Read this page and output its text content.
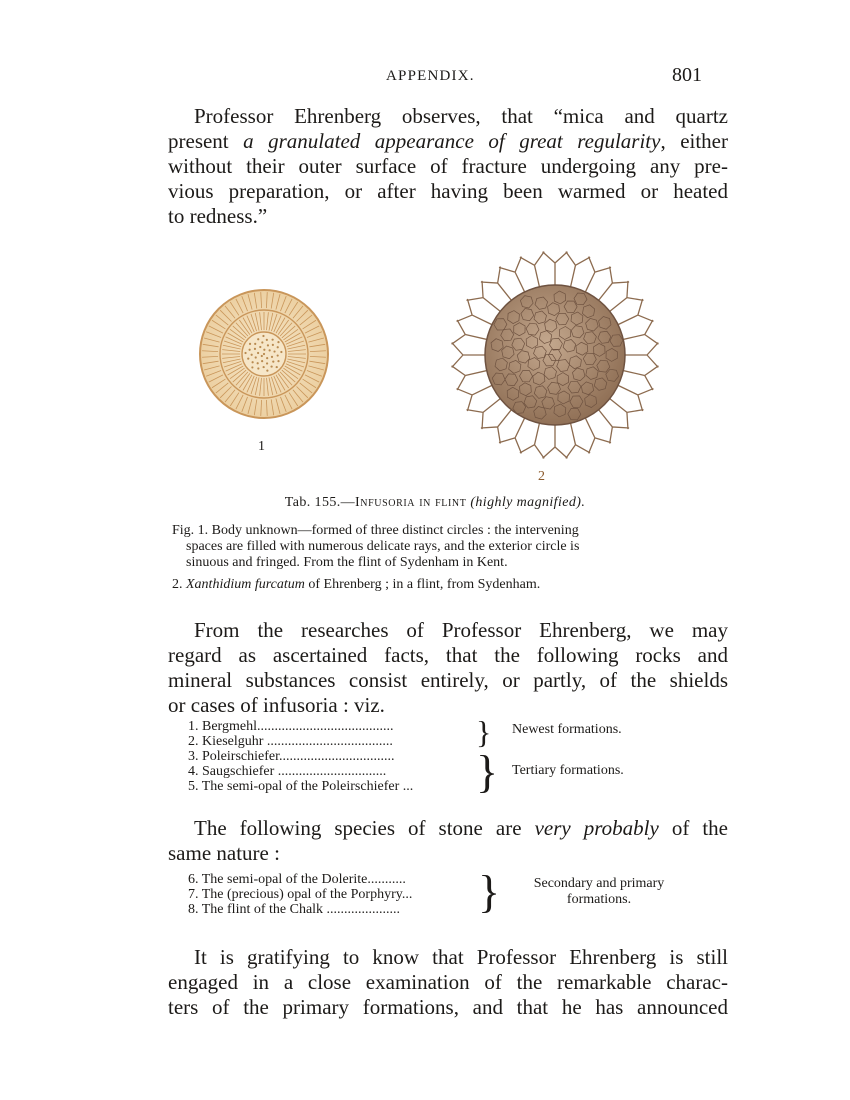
APPENDIX.	801

Professor Ehrenberg observes, that “mica and quartz
present a granulated appearance of great regularity, either
without their outer surface of fracture undergoing any pre-
vious preparation, or after having been warmed or heated
to redness.”

1
2
Tab. 155.—Infusoria in flint (highly magnified).

Fig. 1. Body unknown—formed of three distinct circles : the intervening
spaces are filled with numerous delicate rays, and the exterior circle is
sinuous and fringed. From the flint of Sydenham in Kent.

2. Xanthidium furcatum of Ehrenberg ; in a flint, from Sydenham.

From the researches of Professor Ehrenberg, we may
regard as ascertained facts, that the following rocks and
mineral substances consist entirely, or partly, of the shields
or cases of infusoria : viz.

1. Bergmehl.......................................
2. Kieselguhr ....................................
3. Poleirschiefer.................................
4. Saugschiefer ...............................
5. The semi-opal of the Poleirschiefer ...
}
}
Newest formations.
Tertiary formations.

The following species of stone are very probably of the
same nature :

6. The semi-opal of the Dolerite...........
7. The (precious) opal of the Porphyry...
8. The flint of the Chalk .....................	}	Secondary and primary
formations.

It is gratifying to know that Professor Ehrenberg is still
engaged in a close examination of the remarkable charac-
ters of the primary formations, and that he has announced
